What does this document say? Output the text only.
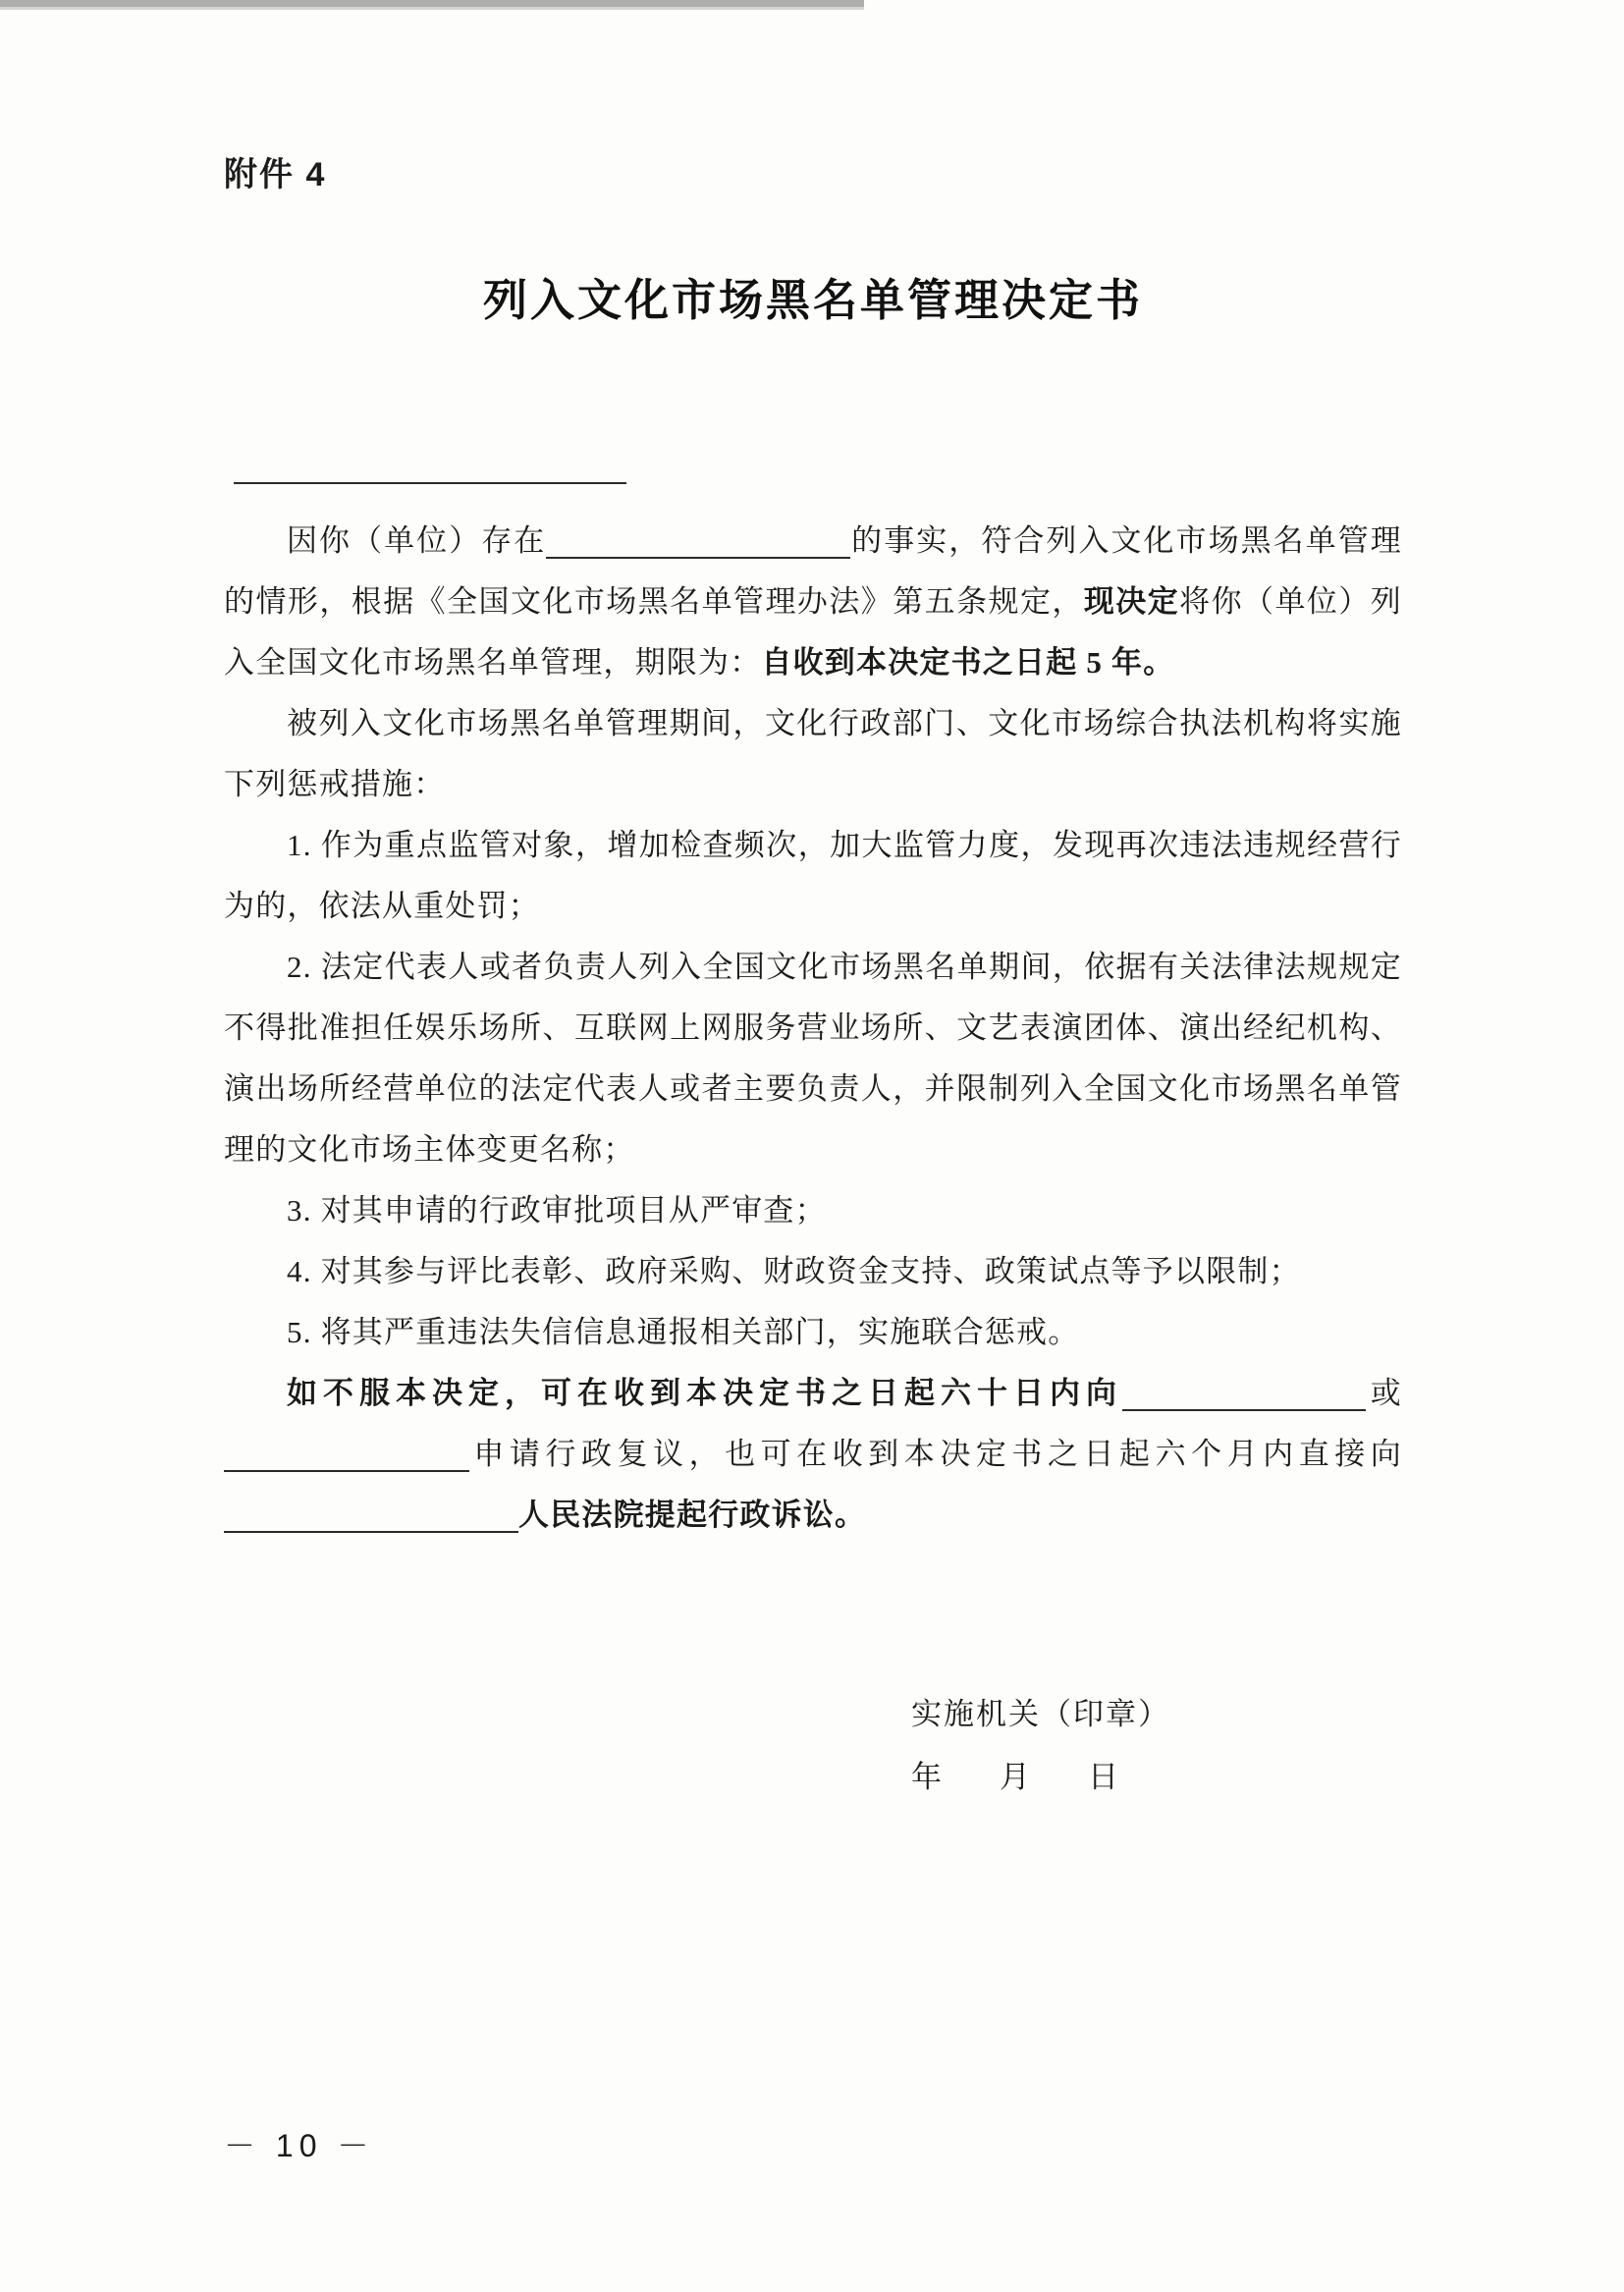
附件 4
列入文化市场黑名单管理决定书

因你（单位）存在	的事实，符合列入文化市场黑名单管理的情形，根据《全国文化市场黑名单管理办法》第五条规定，现决定将你（单位）列入全国文化市场黑名单管理，期限为：自收到本决定书之日起 5 年。

被列入文化市场黑名单管理期间，文化行政部门、文化市场综合执法机构将实施下列惩戒措施：

1. 作为重点监管对象，增加检查频次，加大监管力度，发现再次违法违规经营行为的，依法从重处罚；

2. 法定代表人或者负责人列入全国文化市场黑名单期间，依据有关法律法规规定不得批准担任娱乐场所、互联网上网服务营业场所、文艺表演团体、演出经纪机构、演出场所经营单位的法定代表人或者主要负责人，并限制列入全国文化市场黑名单管理的文化市场主体变更名称；

3. 对其申请的行政审批项目从严审查；

4. 对其参与评比表彰、政府采购、财政资金支持、政策试点等予以限制；

5. 将其严重违法失信信息通报相关部门，实施联合惩戒。

如不服本决定，可在收到本决定书之日起六十日内向	或申请行政复议，也可在收到本决定书之日起六个月内直接向人民法院提起行政诉讼。

实施机关（印章）
年 月 日
－ 10 －
